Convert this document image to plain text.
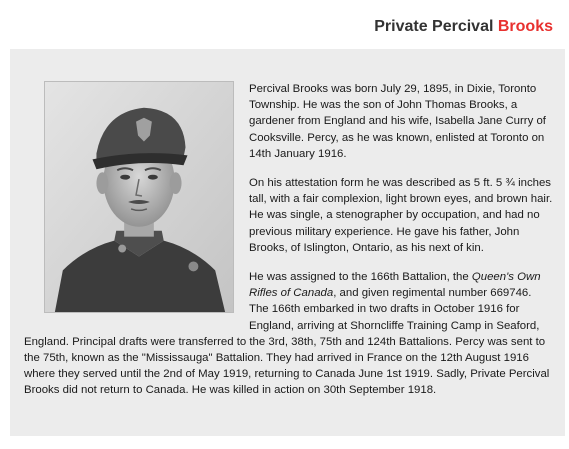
Private Percival Brooks

Percival Brooks was born July 29, 1895, in Dixie, Toronto Township. He was the son of John Thomas Brooks, a gardener from England and his wife, Isabella Jane Curry of Cooksville. Percy, as he was known, enlisted at Toronto on 14th January 1916.

On his attestation form he was described as 5 ft. 5 ¾ inches tall, with a fair complexion, light brown eyes, and brown hair. He was single, a stenographer by occupation, and had no previous military experience. He gave his father, John Brooks, of Islington, Ontario, as his next of kin.

He was assigned to the 166th Battalion, the Queen's Own Rifles of Canada, and given regimental number 669746. The 166th embarked in two drafts in October 1916 for England, arriving at Shorncliffe Training Camp in Seaford, England. Principal drafts were transferred to the 3rd, 38th, 75th and 124th Battalions. Percy was sent to the 75th, known as the "Mississauga" Battalion. They had arrived in France on the 12th August 1916 where they served until the 2nd of May 1919, returning to Canada June 1st 1919. Sadly, Private Percival Brooks did not return to Canada. He was killed in action on 30th September 1918.
